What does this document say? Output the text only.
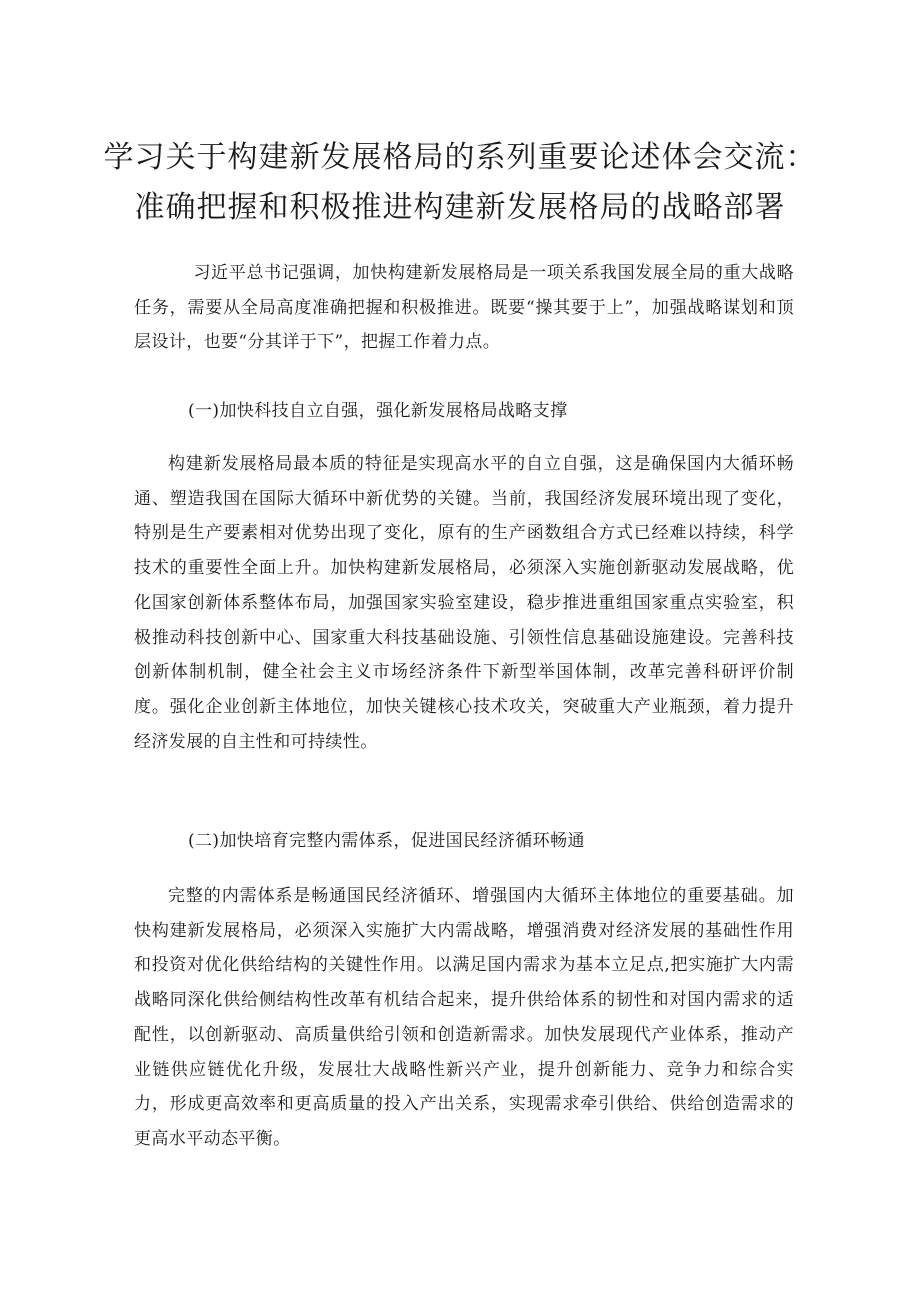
学习关于构建新发展格局的系列重要论述体会交流：
准确把握和积极推进构建新发展格局的战略部署

习近平总书记强调，加快构建新发展格局是一项关系我国发展全局的重大战略任务，需要从全局高度准确把握和积极推进。既要“操其要于上”，加强战略谋划和顶层设计，也要“分其详于下”，把握工作着力点。

(一)加快科技自立自强，强化新发展格局战略支撑

构建新发展格局最本质的特征是实现高水平的自立自强，这是确保国内大循环畅通、塑造我国在国际大循环中新优势的关键。当前，我国经济发展环境出现了变化，特别是生产要素相对优势出现了变化，原有的生产函数组合方式已经难以持续，科学技术的重要性全面上升。加快构建新发展格局，必须深入实施创新驱动发展战略，优化国家创新体系整体布局，加强国家实验室建设，稳步推进重组国家重点实验室，积极推动科技创新中心、国家重大科技基础设施、引领性信息基础设施建设。完善科技创新体制机制，健全社会主义市场经济条件下新型举国体制，改革完善科研评价制度。强化企业创新主体地位，加快关键核心技术攻关，突破重大产业瓶颈，着力提升经济发展的自主性和可持续性。

(二)加快培育完整内需体系，促进国民经济循环畅通

完整的内需体系是畅通国民经济循环、增强国内大循环主体地位的重要基础。加快构建新发展格局，必须深入实施扩大内需战略，增强消费对经济发展的基础性作用和投资对优化供给结构的关键性作用。以满足国内需求为基本立足点,把实施扩大内需战略同深化供给侧结构性改革有机结合起来，提升供给体系的韧性和对国内需求的适配性，以创新驱动、高质量供给引领和创造新需求。加快发展现代产业体系，推动产业链供应链优化升级，发展壮大战略性新兴产业，提升创新能力、竞争力和综合实力，形成更高效率和更高质量的投入产出关系，实现需求牵引供给、供给创造需求的更高水平动态平衡。
